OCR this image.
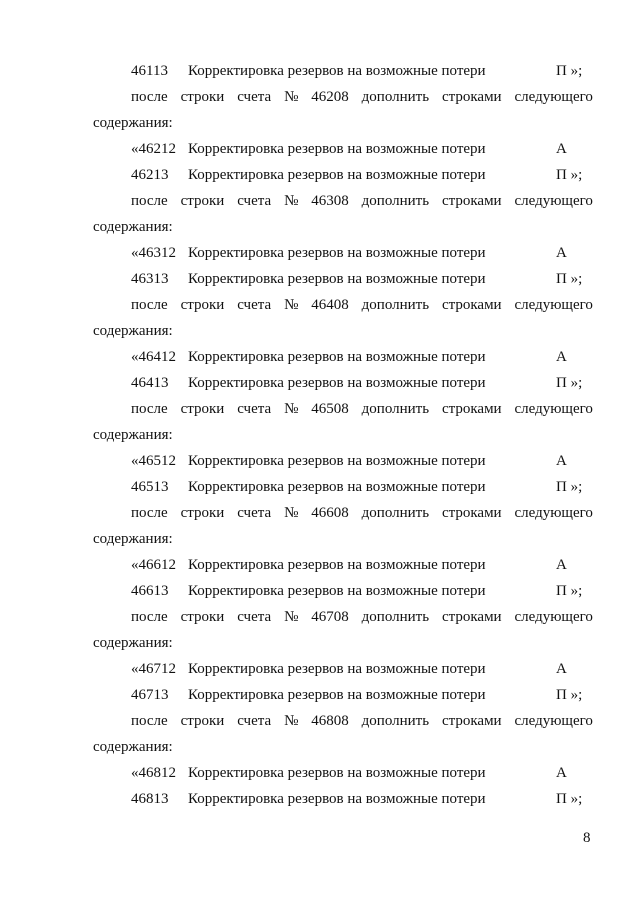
46113 Корректировка резервов на возможные потери	П »;
после строки счета № 46208 дополнить строками следующего
содержания:
«46212 Корректировка резервов на возможные потери	А
46213 Корректировка резервов на возможные потери	П »;
после строки счета № 46308 дополнить строками следующего
содержания:
«46312 Корректировка резервов на возможные потери	А
46313 Корректировка резервов на возможные потери	П »;
после строки счета № 46408 дополнить строками следующего
содержания:
«46412 Корректировка резервов на возможные потери	А
46413 Корректировка резервов на возможные потери	П »;
после строки счета № 46508 дополнить строками следующего
содержания:
«46512 Корректировка резервов на возможные потери	А
46513 Корректировка резервов на возможные потери	П »;
после строки счета № 46608 дополнить строками следующего
содержания:
«46612 Корректировка резервов на возможные потери	А
46613 Корректировка резервов на возможные потери	П »;
после строки счета № 46708 дополнить строками следующего
содержания:
«46712 Корректировка резервов на возможные потери	А
46713 Корректировка резервов на возможные потери	П »;
после строки счета № 46808 дополнить строками следующего
содержания:
«46812 Корректировка резервов на возможные потери	А
46813 Корректировка резервов на возможные потери	П »;
8
